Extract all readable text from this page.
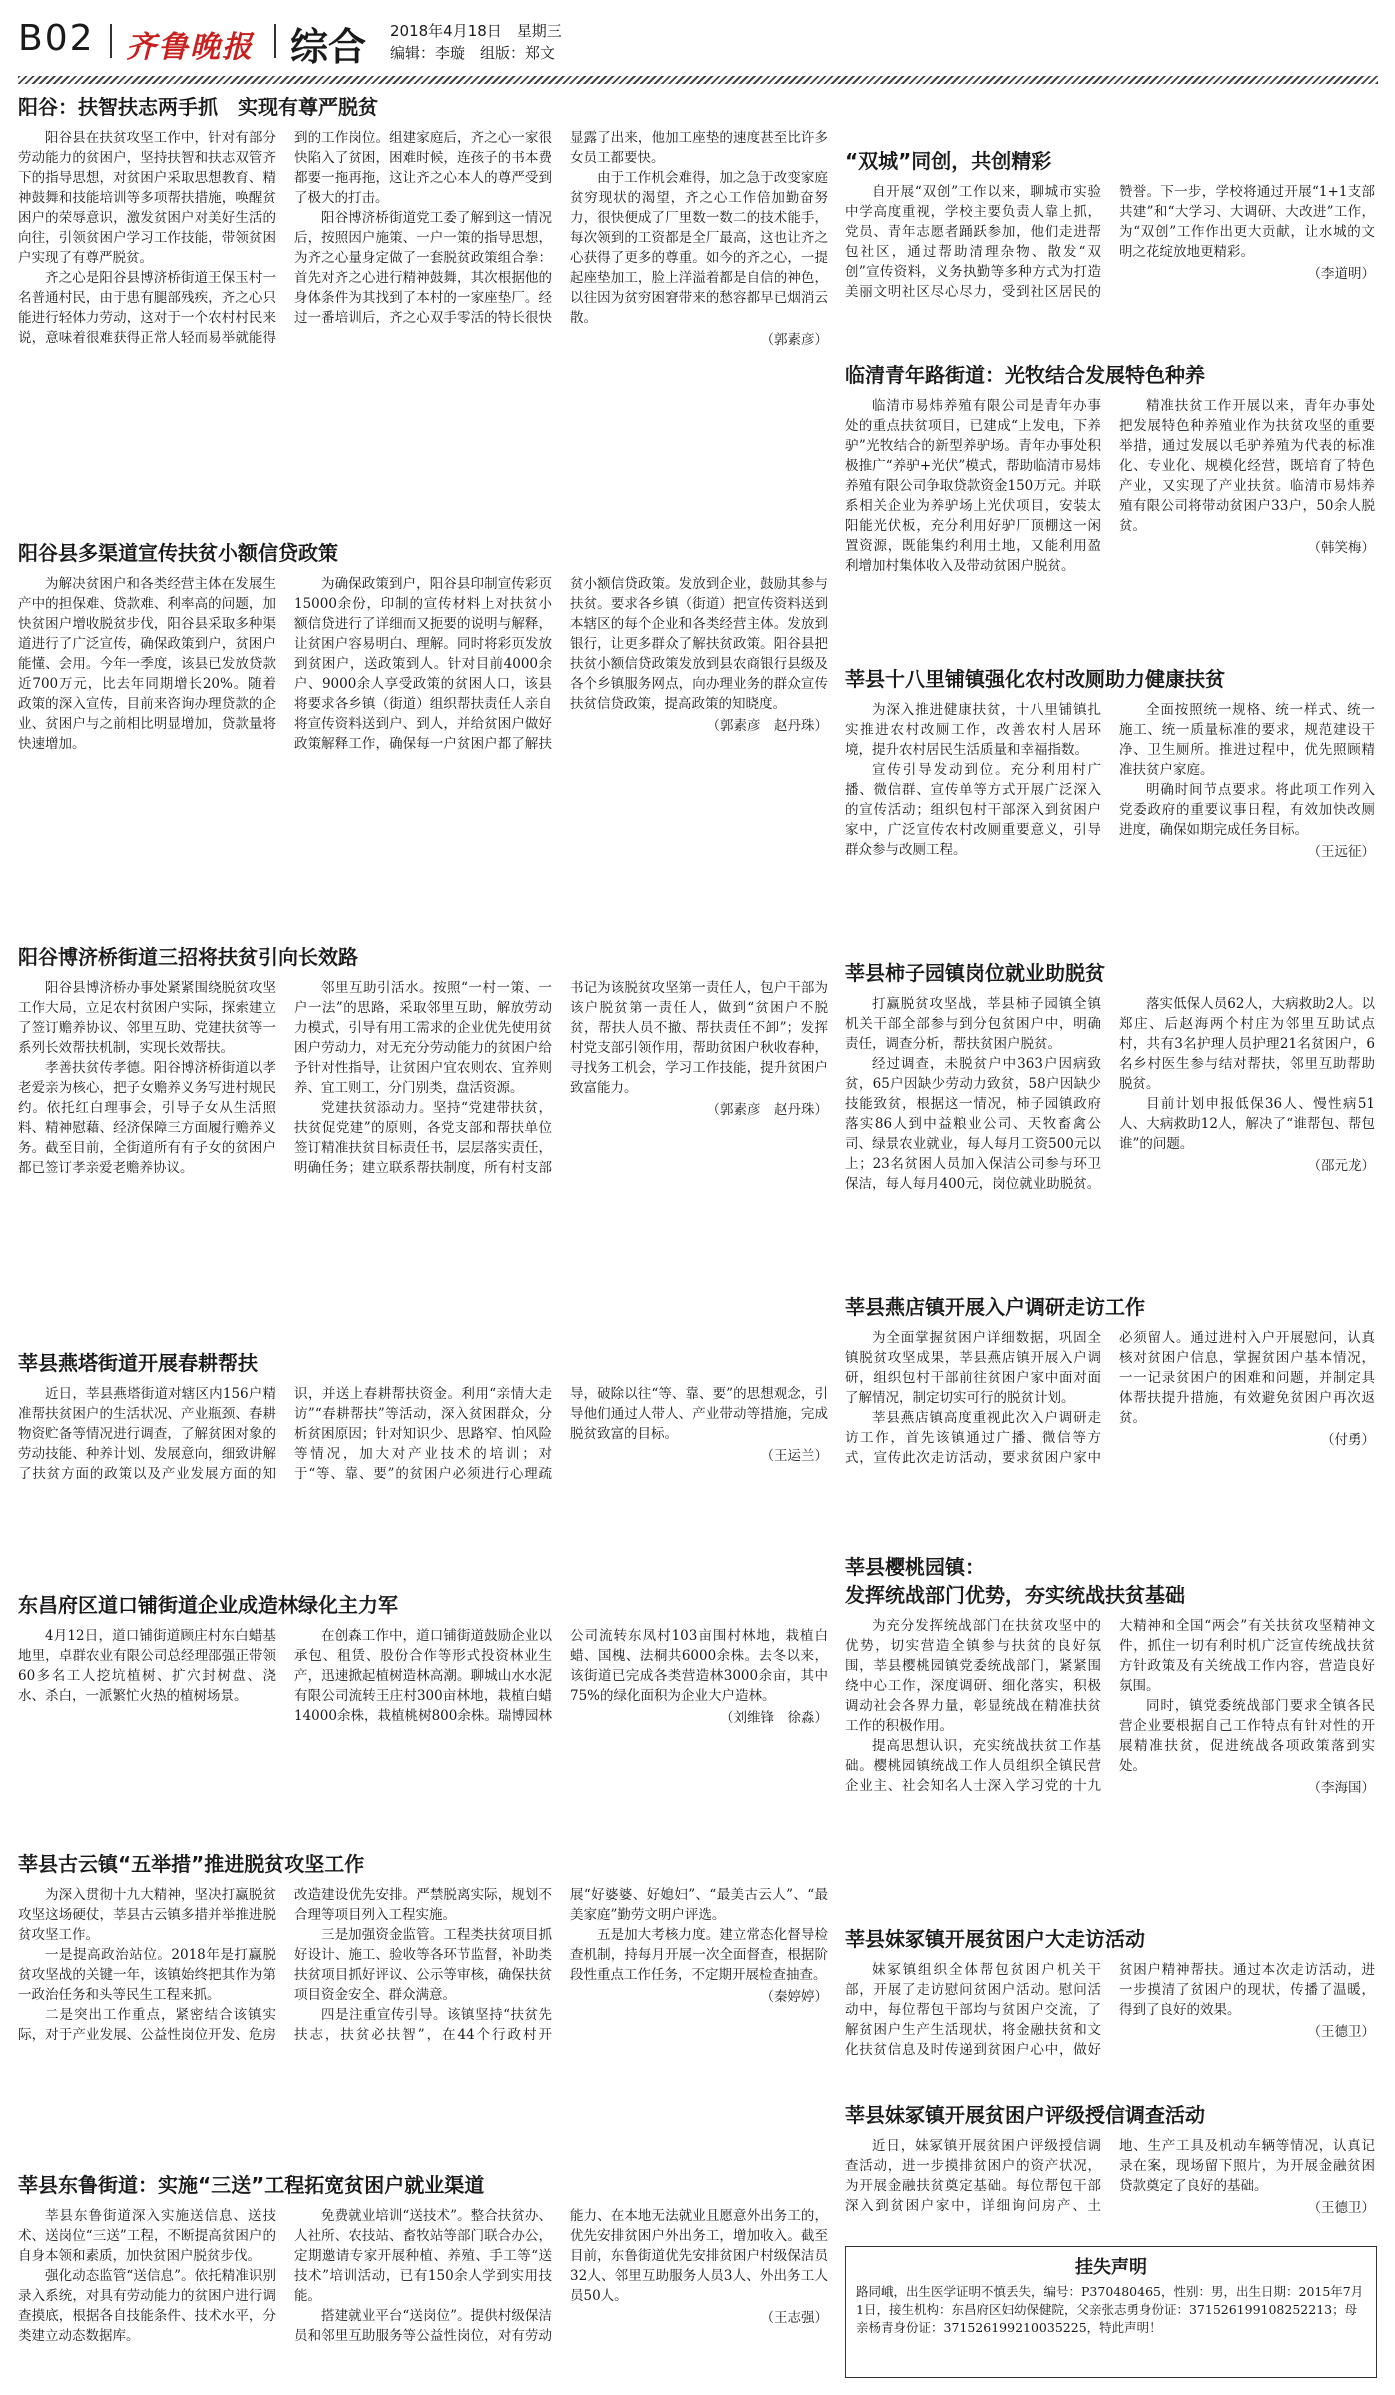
B02 齐鲁晚报 综合 2018年4月18日　星期三
编辑：李璇　组版：郑文
阳谷：扶智扶志两手抓　实现有尊严脱贫

阳谷县在扶贫攻坚工作中，针对有部分劳动能力的贫困户，坚持扶智和扶志双管齐下的指导思想，对贫困户采取思想教育、精神鼓舞和技能培训等多项帮扶措施，唤醒贫困户的荣辱意识，激发贫困户对美好生活的向往，引领贫困户学习工作技能，带领贫困户实现了有尊严脱贫。

齐之心是阳谷县博济桥街道王保玉村一名普通村民，由于患有腿部残疾，齐之心只能进行轻体力劳动，这对于一个农村村民来说，意味着很难获得正常人轻而易举就能得到的工作岗位。组建家庭后，齐之心一家很快陷入了贫困，困难时候，连孩子的书本费都要一拖再拖，这让齐之心本人的尊严受到了极大的打击。

阳谷博济桥街道党工委了解到这一情况后，按照因户施策、一户一策的指导思想，为齐之心量身定做了一套脱贫政策组合拳：首先对齐之心进行精神鼓舞，其次根据他的身体条件为其找到了本村的一家座垫厂。经过一番培训后，齐之心双手零活的特长很快显露了出来，他加工座垫的速度甚至比许多女员工都要快。

由于工作机会难得，加之急于改变家庭贫穷现状的渴望，齐之心工作倍加勤奋努力，很快便成了厂里数一数二的技术能手，每次领到的工资都是全厂最高，这也让齐之心获得了更多的尊重。如今的齐之心，一提起座垫加工，脸上洋溢着都是自信的神色，以往因为贫穷困窘带来的愁容都早已烟消云散。

（郭素彦）
阳谷县多渠道宣传扶贫小额信贷政策

为解决贫困户和各类经营主体在发展生产中的担保难、贷款难、利率高的问题，加快贫困户增收脱贫步伐，阳谷县采取多种渠道进行了广泛宣传，确保政策到户，贫困户能懂、会用。今年一季度，该县已发放贷款近700万元，比去年同期增长20%。随着政策的深入宣传，目前来咨询办理贷款的企业、贫困户与之前相比明显增加，贷款量将快速增加。

为确保政策到户，阳谷县印制宣传彩页15000余份，印制的宣传材料上对扶贫小额信贷进行了详细而又扼要的说明与解释，让贫困户容易明白、理解。同时将彩页发放到贫困户，送政策到人。针对目前4000余户、9000余人享受政策的贫困人口，该县将要求各乡镇（街道）组织帮扶责任人亲自将宣传资料送到户、到人，并给贫困户做好政策解释工作，确保每一户贫困户都了解扶贫小额信贷政策。发放到企业，鼓励其参与扶贫。要求各乡镇（街道）把宣传资料送到本辖区的每个企业和各类经营主体。发放到银行，让更多群众了解扶贫政策。阳谷县把扶贫小额信贷政策发放到县农商银行县级及各个乡镇服务网点，向办理业务的群众宣传扶贫信贷政策，提高政策的知晓度。

（郭素彦　赵丹珠）
阳谷博济桥街道三招将扶贫引向长效路

阳谷县博济桥办事处紧紧围绕脱贫攻坚工作大局，立足农村贫困户实际，探索建立了签订赡养协议、邻里互助、党建扶贫等一系列长效帮扶机制，实现长效帮扶。

孝善扶贫传孝德。阳谷博济桥街道以孝老爱亲为核心，把子女赡养义务写进村规民约。依托红白理事会，引导子女从生活照料、精神慰藉、经济保障三方面履行赡养义务。截至目前，全街道所有有子女的贫困户都已签订孝亲爱老赡养协议。

邻里互助引活水。按照“一村一策、一户一法”的思路，采取邻里互助，解放劳动力模式，引导有用工需求的企业优先使用贫困户劳动力，对无充分劳动能力的贫困户给予针对性指导，让贫困户宜农则农、宜养则养、宜工则工，分门别类，盘活资源。

党建扶贫添动力。坚持“党建带扶贫，扶贫促党建”的原则，各党支部和帮扶单位签订精准扶贫目标责任书，层层落实责任，明确任务；建立联系帮扶制度，所有村支部书记为该脱贫攻坚第一责任人，包户干部为该户脱贫第一责任人，做到“贫困户不脱贫，帮扶人员不撤、帮扶责任不卸”；发挥村党支部引领作用，帮助贫困户秋收春种，寻找务工机会，学习工作技能，提升贫困户致富能力。

（郭素彦　赵丹珠）
莘县燕塔街道开展春耕帮扶

近日，莘县燕塔街道对辖区内156户精准帮扶贫困户的生活状况、产业瓶颈、春耕物资贮备等情况进行调查，了解贫困对象的劳动技能、种养计划、发展意向，细致讲解了扶贫方面的政策以及产业发展方面的知识，并送上春耕帮扶资金。利用“亲情大走访”“春耕帮扶”等活动，深入贫困群众，分析贫困原因；针对知识少、思路窄、怕风险等情况，加大对产业技术的培训；对于“等、靠、要”的贫困户必须进行心理疏导，破除以往“等、靠、要”的思想观念，引导他们通过人带人、产业带动等措施，完成脱贫致富的目标。

（王运兰）
东昌府区道口铺街道企业成造林绿化主力军

4月12日，道口铺街道顾庄村东白蜡基地里，卓群农业有限公司总经理邵强正带领60多名工人挖坑植树、扩穴封树盘、浇水、杀白，一派繁忙火热的植树场景。

在创森工作中，道口铺街道鼓励企业以承包、租赁、股份合作等形式投资林业生产，迅速掀起植树造林高潮。聊城山水水泥有限公司流转王庄村300亩林地，栽植白蜡14000余株，栽植桃树800余株。瑞博园林公司流转东凤村103亩围村林地，栽植白蜡、国槐、法桐共6000余株。去冬以来，该街道已完成各类营造林3000余亩，其中75%的绿化面积为企业大户造林。

（刘维锋　徐淼）
莘县古云镇“五举措”推进脱贫攻坚工作

为深入贯彻十九大精神，坚决打赢脱贫攻坚这场硬仗，莘县古云镇多措并举推进脱贫攻坚工作。

一是提高政治站位。2018年是打赢脱贫攻坚战的关键一年，该镇始终把其作为第一政治任务和头等民生工程来抓。

二是突出工作重点，紧密结合该镇实际，对于产业发展、公益性岗位开发、危房改造建设优先安排。严禁脱离实际，规划不合理等项目列入工程实施。

三是加强资金监管。工程类扶贫项目抓好设计、施工、验收等各环节监督，补助类扶贫项目抓好评议、公示等审核，确保扶贫项目资金安全、群众满意。

四是注重宣传引导。该镇坚持“扶贫先扶志，扶贫必扶智”，在44个行政村开展“好婆婆、好媳妇”、“最美古云人”、“最美家庭”勤劳文明户评选。

五是加大考核力度。建立常态化督导检查机制，持每月开展一次全面督查，根据阶段性重点工作任务，不定期开展检查抽查。

（秦婷婷）
莘县东鲁街道：实施“三送”工程拓宽贫困户就业渠道

莘县东鲁街道深入实施送信息、送技术、送岗位“三送”工程，不断提高贫困户的自身本领和素质，加快贫困户脱贫步伐。

强化动态监管“送信息”。依托精准识别录入系统，对具有劳动能力的贫困户进行调查摸底，根据各自技能条件、技术水平，分类建立动态数据库。

免费就业培训“送技术”。整合扶贫办、人社所、农技站、畜牧站等部门联合办公，定期邀请专家开展种植、养殖、手工等“送技术”培训活动，已有150余人学到实用技能。

搭建就业平台“送岗位”。提供村级保洁员和邻里互助服务等公益性岗位，对有劳动能力、在本地无法就业且愿意外出务工的，优先安排贫困户外出务工，增加收入。截至目前，东鲁街道优先安排贫困户村级保洁员32人、邻里互助服务人员3人、外出务工人员50人。

（王志强）
“双城”同创，共创精彩

自开展“双创”工作以来，聊城市实验中学高度重视，学校主要负责人靠上抓，党员、青年志愿者踊跃参加，他们走进帮包社区，通过帮助清理杂物、散发“双创”宣传资料，义务执勤等多种方式为打造美丽文明社区尽心尽力，受到社区居民的赞誉。下一步，学校将通过开展“1+1支部共建”和“大学习、大调研、大改进”工作，为“双创”工作作出更大贡献，让水城的文明之花绽放地更精彩。

（李道明）
临清青年路街道：光牧结合发展特色种养

临清市易炜养殖有限公司是青年办事处的重点扶贫项目，已建成“上发电，下养驴”光牧结合的新型养驴场。青年办事处积极推广“养驴+光伏”模式，帮助临清市易炜养殖有限公司争取贷款资金150万元。并联系相关企业为养驴场上光伏项目，安装太阳能光伏板，充分利用好驴厂顶棚这一闲置资源，既能集约利用土地，又能利用盈利增加村集体收入及带动贫困户脱贫。

精准扶贫工作开展以来，青年办事处把发展特色种养殖业作为扶贫攻坚的重要举措，通过发展以毛驴养殖为代表的标准化、专业化、规模化经营，既培育了特色产业，又实现了产业扶贫。临清市易炜养殖有限公司将带动贫困户33户，50余人脱贫。

（韩笑梅）
莘县十八里铺镇强化农村改厕助力健康扶贫

为深入推进健康扶贫，十八里铺镇扎实推进农村改厕工作，改善农村人居环境，提升农村居民生活质量和幸福指数。

宣传引导发动到位。充分利用村广播、微信群、宣传单等方式开展广泛深入的宣传活动；组织包村干部深入到贫困户家中，广泛宣传农村改厕重要意义，引导群众参与改厕工程。

全面按照统一规格、统一样式、统一施工、统一质量标准的要求，规范建设干净、卫生厕所。推进过程中，优先照顾精准扶贫户家庭。

明确时间节点要求。将此项工作列入党委政府的重要议事日程，有效加快改厕进度，确保如期完成任务目标。

（王远征）
莘县柿子园镇岗位就业助脱贫

打赢脱贫攻坚战，莘县柿子园镇全镇机关干部全部参与到分包贫困户中，明确责任，调查分析，帮扶贫困户脱贫。

经过调查，未脱贫户中363户因病致贫，65户因缺少劳动力致贫，58户因缺少技能致贫，根据这一情况，柿子园镇政府落实86人到中益粮业公司、天牧畜禽公司、绿景农业就业，每人每月工资500元以上；23名贫困人员加入保洁公司参与环卫保洁，每人每月400元，岗位就业助脱贫。

落实低保人员62人，大病救助2人。以郑庄、后赵海两个村庄为邻里互助试点村，共有3名护理人员护理21名贫困户，6名乡村医生参与结对帮扶，邻里互助帮助脱贫。

目前计划申报低保36人、慢性病51人、大病救助12人，解决了“谁帮包、帮包谁”的问题。

（邵元龙）
莘县燕店镇开展入户调研走访工作

为全面掌握贫困户详细数据，巩固全镇脱贫攻坚成果，莘县燕店镇开展入户调研，组织包村干部前往贫困户家中面对面了解情况，制定切实可行的脱贫计划。

莘县燕店镇高度重视此次入户调研走访工作，首先该镇通过广播、微信等方式，宣传此次走访活动，要求贫困户家中必须留人。通过进村入户开展慰问，认真核对贫困户信息，掌握贫困户基本情况，一一记录贫困户的困难和问题，并制定具体帮扶提升措施，有效避免贫困户再次返贫。

（付勇）
莘县樱桃园镇：
发挥统战部门优势，夯实统战扶贫基础

为充分发挥统战部门在扶贫攻坚中的优势，切实营造全镇参与扶贫的良好氛围，莘县樱桃园镇党委统战部门，紧紧围绕中心工作，深度调研、细化落实，积极调动社会各界力量，彰显统战在精准扶贫工作的积极作用。

提高思想认识，充实统战扶贫工作基础。樱桃园镇统战工作人员组织全镇民营企业主、社会知名人士深入学习党的十九大精神和全国“两会”有关扶贫攻坚精神文件，抓住一切有利时机广泛宣传统战扶贫方针政策及有关统战工作内容，营造良好氛围。

同时，镇党委统战部门要求全镇各民营企业要根据自己工作特点有针对性的开展精准扶贫，促进统战各项政策落到实处。

（李海国）
莘县妹冢镇开展贫困户大走访活动

妹冢镇组织全体帮包贫困户机关干部，开展了走访慰问贫困户活动。慰问活动中，每位帮包干部均与贫困户交流，了解贫困户生产生活现状，将金融扶贫和文化扶贫信息及时传递到贫困户心中，做好贫困户精神帮扶。通过本次走访活动，进一步摸清了贫困户的现状，传播了温暖，得到了良好的效果。

（王德卫）
莘县妹冢镇开展贫困户评级授信调查活动

近日，妹冢镇开展贫困户评级授信调查活动，进一步摸排贫困户的资产状况，为开展金融扶贫奠定基础。每位帮包干部深入到贫困户家中，详细询问房产、土地、生产工具及机动车辆等情况，认真记录在案，现场留下照片，为开展金融贫困贷款奠定了良好的基础。

（王德卫）
挂失声明

路同峨，出生医学证明不慎丢失，编号：P370480465，性别：男，出生日期：2015年7月1日，接生机构：东昌府区妇幼保健院，父亲张志勇身份证：371526199108252213；母亲杨青身份证：371526199210035225，特此声明！
